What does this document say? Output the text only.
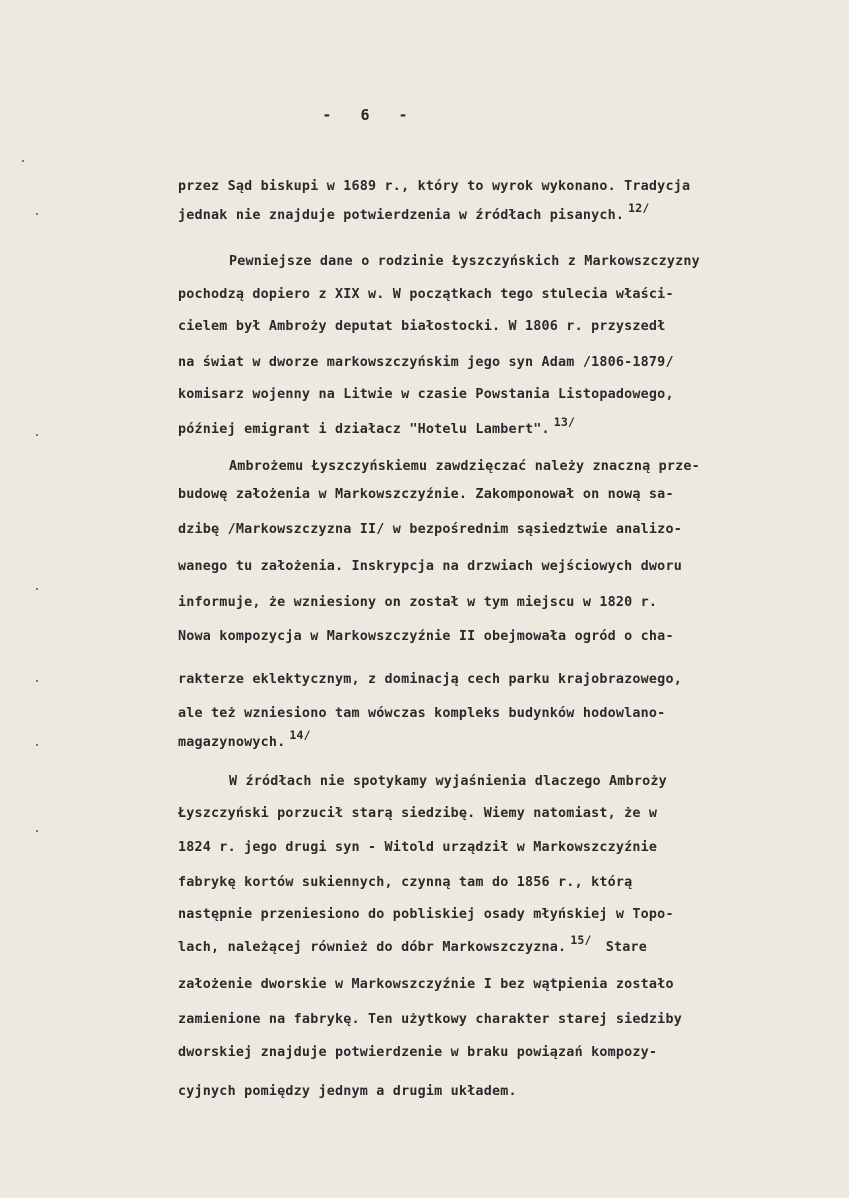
- 6 -
przez Sąd biskupi w 1689 r., który to wyrok wykonano. Tradycja
jednak nie znajduje potwierdzenia w źródłach pisanych. 12/
Pewniejsze dane o rodzinie Łyszczyńskich z Markowszczyzny
pochodzą dopiero z XIX w. W początkach tego stulecia właści-
cielem był Ambroży deputat białostocki. W 1806 r. przyszedł
na świat w dworze markowszczyńskim jego syn Adam /1806-1879/
komisarz wojenny na Litwie w czasie Powstania Listopadowego,
później emigrant i działacz "Hotelu Lambert". 13/
Ambrożemu Łyszczyńskiemu zawdzięczać należy znaczną prze-
budowę założenia w Markowszczyźnie. Zakomponował on nową sa-
dzibę /Markowszczyzna II/ w bezpośrednim sąsiedztwie analizo-
wanego tu założenia. Inskrypcja na drzwiach wejściowych dworu
informuje, że wzniesiony on został w tym miejscu w 1820 r.
Nowa kompozycja w Markowszczyźnie II obejmowała ogród o cha-
rakterze eklektycznym, z dominacją cech parku krajobrazowego,
ale też wzniesiono tam wówczas kompleks budynków hodowlano-
magazynowych. 14/
W źródłach nie spotykamy wyjaśnienia dlaczego Ambroży
Łyszczyński porzucił starą siedzibę. Wiemy natomiast, że w
1824 r. jego drugi syn - Witold urządził w Markowszczyźnie
fabrykę kortów sukiennych, czynną tam do 1856 r., którą
następnie przeniesiono do pobliskiej osady młyńskiej w Topo-
lach, należącej również do dóbr Markowszczyzna. 15/ Stare
założenie dworskie w Markowszczyźnie I bez wątpienia zostało
zamienione na fabrykę. Ten użytkowy charakter starej siedziby
dworskiej znajduje potwierdzenie w braku powiązań kompozy-
cyjnych pomiędzy jednym a drugim układem.
